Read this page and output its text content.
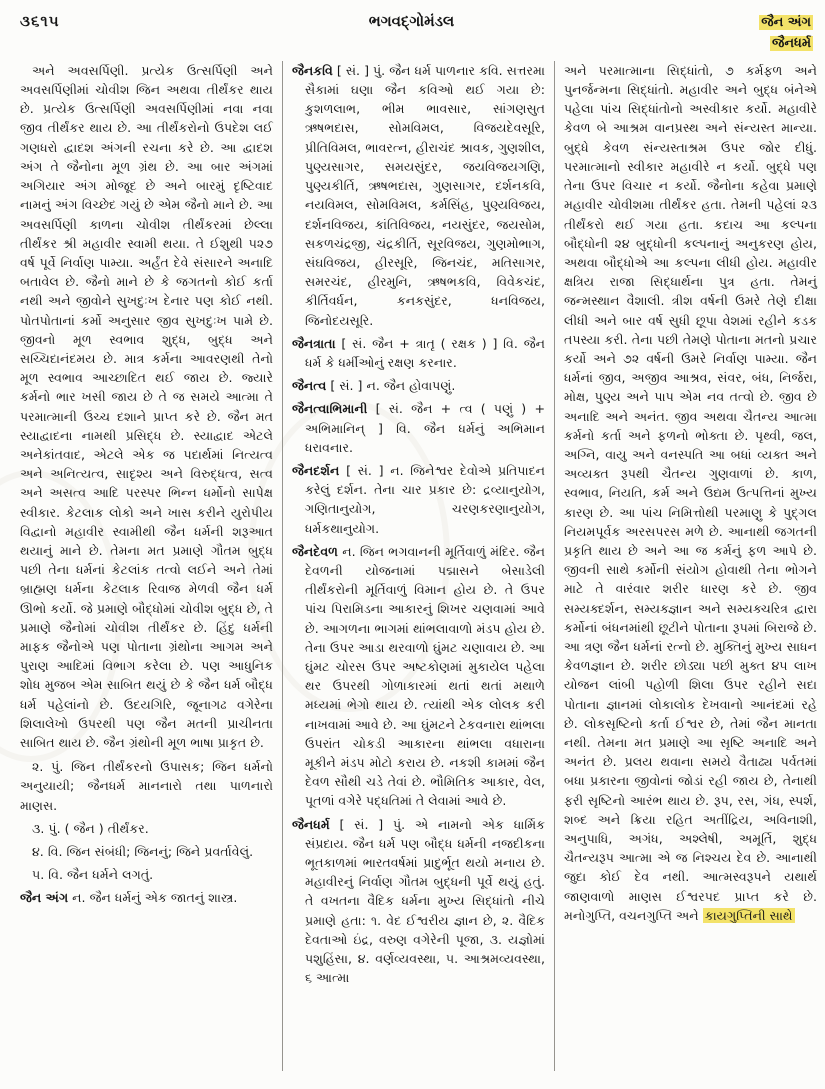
૩૬૧૫	ભગવદ્ગોમંડલ	જૈન અંગ
જૈનધર્મ

અને અવસર્પિણી. પ્રત્યેક ઉત્સર્પિણી અને અવસર્પિણીમાં ચોવીશ જિન અથવા તીર્થંકર થાય છે. પ્રત્યેક ઉત્સર્પિણી અવસર્પિણીમાં નવા નવા જીવ તીર્થંકર થાય છે. આ તીર્થંકરોનો ઉપદેશ લઈ ગણધરો દ્વાદશ અંગની રચના કરે છે. આ દ્વાદશ અંગ તે જૈનોના મૂળ ગ્રંથ છે. આ બાર અંગમાં અગિયાર અંગ મોજૂદ છે અને બારમું દૃષ્ટિવાદ નામનું અંગ વિચ્છેદ ગયું છે એમ જૈનો માને છે. આ અવસર્પિણી કાળના ચોવીશ તીર્થંકરમાં છેલ્લા તીર્થંકર શ્રી મહાવીર સ્વામી થયા. તે ઈશુથી ૫૨૭ વર્ષ પૂર્વે નિર્વાણ પામ્યા. અર્હંત દેવે સંસારને અનાદિ બતાવેલ છે. જૈનો માને છે કે જગતનો કોઈ કર્તા નથી અને જીવોને સુખદુઃખ દેનાર પણ કોઈ નથી. પોતપોતાનાં કર્મો અનુસાર જીવ સુખદુઃખ પામે છે. જીવનો મૂળ સ્વભાવ શુદ્ધ, બુદ્ધ અને સચ્ચિદાનંદમય છે. માત્ર કર્મના આવરણથી તેનો મૂળ સ્વભાવ આચ્છાદિત થઈ જાય છે. જ્યારે કર્મનો ભાર ખસી જાય છે તે જ સમયે આત્મા તે પરમાત્માની ઉચ્ચ દશાને પ્રાપ્ત કરે છે. જૈન મત સ્યાદ્વાદના નામથી પ્રસિદ્ધ છે. સ્યાદ્વાદ એટલે અનેકાંતવાદ, એટલે એક જ પદાર્થમાં નિત્યત્વ અને અનિત્યત્વ, સાદૃશ્ય અને વિરુદ્ધત્વ, સત્વ અને અસત્વ આદિ પરસ્પર ભિન્ન ધર્મોનો સાપેક્ષ સ્વીકાર. કેટલાક લોકો અને ખાસ કરીને યુરોપીય વિદ્વાનો મહાવીર સ્વામીથી જૈન ધર્મની શરૂઆત થયાનું માને છે. તેમના મત પ્રમાણે ગૌતમ બુદ્ધ પછી તેના ધર્મનાં કેટલાંક તત્વો લઈને અને તેમાં બ્રાહ્મણ ધર્મના કેટલાક રિવાજ મેળવી જૈન ધર્મ ઊભો કર્યો. જે પ્રમાણે બૌદ્ધોમાં ચોવીશ બુદ્ધ છે, તે પ્રમાણે જૈનોમાં ચોવીશ તીર્થંકર છે. હિંદુ ધર્મની માફક જૈનોએ પણ પોતાના ગ્રંથોના આગમ અને પુરાણ આદિમાં વિભાગ કરેલા છે. પણ આધુનિક શોધ મુજબ એમ સાબિત થયું છે કે જૈન ધર્મ બૌદ્ધ ધર્મ પહેલાંનો છે. ઉદયગિરિ, જૂનાગઢ વગેરેના શિલાલેખો ઉપરથી પણ જૈન મતની પ્રાચીનતા સાબિત થાય છે. જૈન ગ્રંથોની મૂળ ભાષા પ્રાકૃત છે.

૨. પું. જિન તીર્થંકરનો ઉપાસક; જિન ધર્મનો અનુયાયી; જૈનધર્મ માનનારો તથા પાળનારો માણસ.

૩. પું. ( જૈન ) તીર્થંકર.

૪. વિ. જિન સંબંધી; જિનનું; જિને પ્રવર્તાવેલું.

૫. વિ. જૈન ધર્મને લગતું.

જૈન અંગ ન. જૈન ધર્મનું એક જાતનું શાસ્ત્ર.

જૈનકવિ [ સં. ] પું. જૈન ધર્મ પાળનાર કવિ. સત્તરમા સૈકામાં ઘણા જૈન કવિઓ થઈ ગયા છે: કુશળલાભ, ભીમ ભાવસાર, સાંગણસુત ઋષભદાસ, સોમવિમલ, વિજયદેવસૂરિ, પ્રીતિવિમલ, ભાવરત્ન, હીરાચંદ શ્રાવક, ગુણશીલ, પુણ્યસાગર, સમયસુંદર, જયવિજયગણિ, પુણ્યકીર્તિ, ઋષભદાસ, ગુણસાગર, દર્શનકવિ, નયવિમલ, સોમવિમલ, કર્મસિંહ, પુણ્યવિજય, દર્શનવિજય, કાંતિવિજય, નયસુંદર, જયસોમ, સકળચંદ્રજી, ચંદ્રકીર્તિ, સૂરવિજય, ગુણમોભાગ, સંઘવિજય, હીરસૂરિ, જિનચંદ, મતિસાગર, સમરચંદ, હીરમુનિ, ઋષભકવિ, વિવેકચંદ, કીર્તિવર્ધન, કનકસુંદર, ધનવિજય, જિનોદયસૂરિ.

જૈનત્રાતા [ સં. જૈન + ત્રાતૃ ( રક્ષક ) ] વિ. જૈન ધર્મ કે ધર્મીઓનું રક્ષણ કરનાર.

જૈનત્વ [ સં. ] ન. જૈન હોવાપણું.

જૈનત્વાભિમાની [ સં. જૈન + ત્વ ( પણું ) + અભિમાનિન્ ] વિ. જૈન ધર્મનું અભિમાન ધરાવનાર.

જૈનદર્શન [ સં. ] ન. જિનેશ્વર દેવોએ પ્રતિપાદન કરેલું દર્શન. તેના ચાર પ્રકાર છે: દ્રવ્યાનુયોગ, ગણિતાનુયોગ, ચરણકરણાનુયોગ, ધર્મકથાનુયોગ.

જૈનદેવળ ન. જિન ભગવાનની મૂર્તિવાળું મંદિર. જૈન દેવળની યોજનામાં પદ્માસને બેસાડેલી તીર્થંકરોની મૂર્તિવાળું વિમાન હોય છે. તે ઉપર પાંચ પિરામિડના આકારનું શિખર ચણવામાં આવે છે. આગળના ભાગમાં થાંભલાવાળો મંડપ હોય છે. તેના ઉપર આડા થરવાળો ઘુંમટ ચણાવાય છે. આ ઘુંમટ ચોરસ ઉપર અષ્ટકોણમાં મુકાયેલ પહેલા થર ઉપરથી ગોળાકારમાં થતાં થતાં મથાળે મધ્યમાં ભેગો થાય છે. ત્યાંથી એક લોલક કરી નાખવામાં આવે છે. આ ઘુંમટને ટેકવનારા થાંભલા ઉપરાંત ચોકડી આકારના થાંભલા વધારાના મૂકીને મંડપ મોટો કરાય છે. નકશી કામમાં જૈન દેવળ સૌથી ચડે તેવાં છે. ભૌમિતિક આકાર, વેલ, પૂતળાં વગેરે પદ્ધતિમાં તે લેવામાં આવે છે.

જૈનધર્મ [ સં. ] પું. એ નામનો એક ધાર્મિક સંપ્રદાય. જૈન ધર્મ પણ બૌદ્ધ ધર્મની નજદીકના ભૂતકાળમાં ભારતવર્ષમાં પ્રાદુર્ભૂત થયો મનાય છે. મહાવીરનું નિર્વાણ ગૌતમ બુદ્ધની પૂર્વે થયું હતું. તે વખતના વૈદિક ધર્મના મુખ્ય સિદ્ધાંતો નીચે પ્રમાણે હતા: ૧. વેદ ઈશ્વરીય જ્ઞાન છે, ૨. વૈદિક દેવતાઓ ઇંદ્ર, વરુણ વગેરેની પૂજા, ૩. યજ્ઞોમાં પશુહિંસા, ૪. વર્ણવ્યવસ્થા, ૫. આશ્રમવ્યવસ્થા, ૬ આત્મા

અને પરમાત્માના સિદ્ધાંતો, ૭ કર્મફળ અને પુનર્જન્મના સિદ્ધાંતો. મહાવીર અને બુદ્ધ બંનેએ પહેલા પાંચ સિદ્ધાંતોનો અસ્વીકાર કર્યો. મહાવીરે કેવળ બે આશ્રમ વાનપ્રસ્થ અને સંન્યસ્ત માન્યા. બુદ્ધે કેવળ સંન્યસ્તાશ્રમ ઉપર જોર દીધું. પરમાત્માનો સ્વીકાર મહાવીરે ન કર્યો. બુદ્ધે પણ તેના ઉપર વિચાર ન કર્યો. જૈનોના કહેવા પ્રમાણે મહાવીર ચોવીશમા તીર્થંકર હતા. તેમની પહેલાં ૨૩ તીર્થંકરો થઈ ગયા હતા. કદાચ આ કલ્પના બૌદ્ધોની ૨૪ બુદ્ધોની કલ્પનાનું અનુકરણ હોય, અથવા બૌદ્ધોએ આ કલ્પના લીધી હોય. મહાવીર ક્ષત્રિય રાજા સિદ્ધાર્થના પુત્ર હતા. તેમનું જન્મસ્થાન વૈશાલી. ત્રીશ વર્ષની ઉમરે તેણે દીક્ષા લીધી અને બાર વર્ષ સુધી છૂપા વેશમાં રહીને કડક તપસ્યા કરી. તેના પછી તેમણે પોતાના મતનો પ્રચાર કર્યો અને ૭૨ વર્ષની ઉમરે નિર્વાણ પામ્યા. જૈન ધર્મનાં જીવ, અજીવ આશ્રવ, સંવર, બંધ, નિર્જરા, મોક્ષ, પુણ્ય અને પાપ એમ નવ તત્વો છે. જીવ છે અનાદિ અને અનંત. જીવ અથવા ચૈતન્ય આત્મા કર્મનો કર્તા અને ફળનો ભોક્તા છે. પૃથ્વી, જલ, અગ્નિ, વાયુ અને વનસ્પતિ આ બધાં વ્યક્ત અને અવ્યક્ત રૂપથી ચૈતન્ય ગુણવાળાં છે. કાળ, સ્વભાવ, નિયતિ, કર્મ અને ઉદ્યમ ઉત્પત્તિનાં મુખ્ય કારણ છે. આ પાંચ નિમિત્તોથી પરમાણુ કે પુદ્ગલ નિયમપૂર્વક અરસપરસ મળે છે. આનાથી જગતની પ્રકૃતિ થાય છે અને આ જ કર્મનું ફળ આપે છે. જીવની સાથે કર્મોની સંયોગ હોવાથી તેના ભોગને માટે તે વારંવાર શરીર ધારણ કરે છે. જીવ સમ્યક્દર્શન, સમ્યક્જ્ઞાન અને સમ્યક્ચરિત્ર દ્વારા કર્મોનાં બંધનમાંથી છૂટીને પોતાના રૂપમાં બિરાજે છે. આ ત્રણ જૈન ધર્મનાં રત્નો છે. મુક્તિનું મુખ્ય સાધન કેવળજ્ઞાન છે. શરીર છોડ્યા પછી મુક્ત ૪૫ લાખ યોજન લાંબી પહોળી શિલા ઉપર રહીને સદા પોતાના જ્ઞાનમાં લોકાલોક દેખવાનો આનંદમાં રહે છે. લોકસૃષ્ટિનો કર્તા ઈશ્વર છે, તેમાં જૈન માનતા નથી. તેમના મત પ્રમાણે આ સૃષ્ટિ અનાદિ અને અનંત છે. પ્રલય થવાના સમયે વૈતાઢ્ય પર્વતમાં બધા પ્રકારના જીવોનાં જોડાં રહી જાય છે, તેનાથી ફરી સૃષ્ટિનો આરંભ થાય છે. રૂપ, રસ, ગંધ, સ્પર્શ, શબ્દ અને ક્રિયા રહિત અતીંદ્રિય, અવિનાશી, અનુપાધિ, અગંધ, અશ્લેષી, અમૂર્તિ, શુદ્ધ ચૈતન્યરૂપ આત્મા એ જ નિશ્ચય દેવ છે. આનાથી જુદા કોઈ દેવ નથી. આત્મસ્વરૂપને યથાર્થ જાણવાળો માણસ ઈશ્વરપદ પ્રાપ્ત કરે છે. મનોગુપ્તિ, વચનગુપ્તિ અને કાયગુપ્તિની સાથે
